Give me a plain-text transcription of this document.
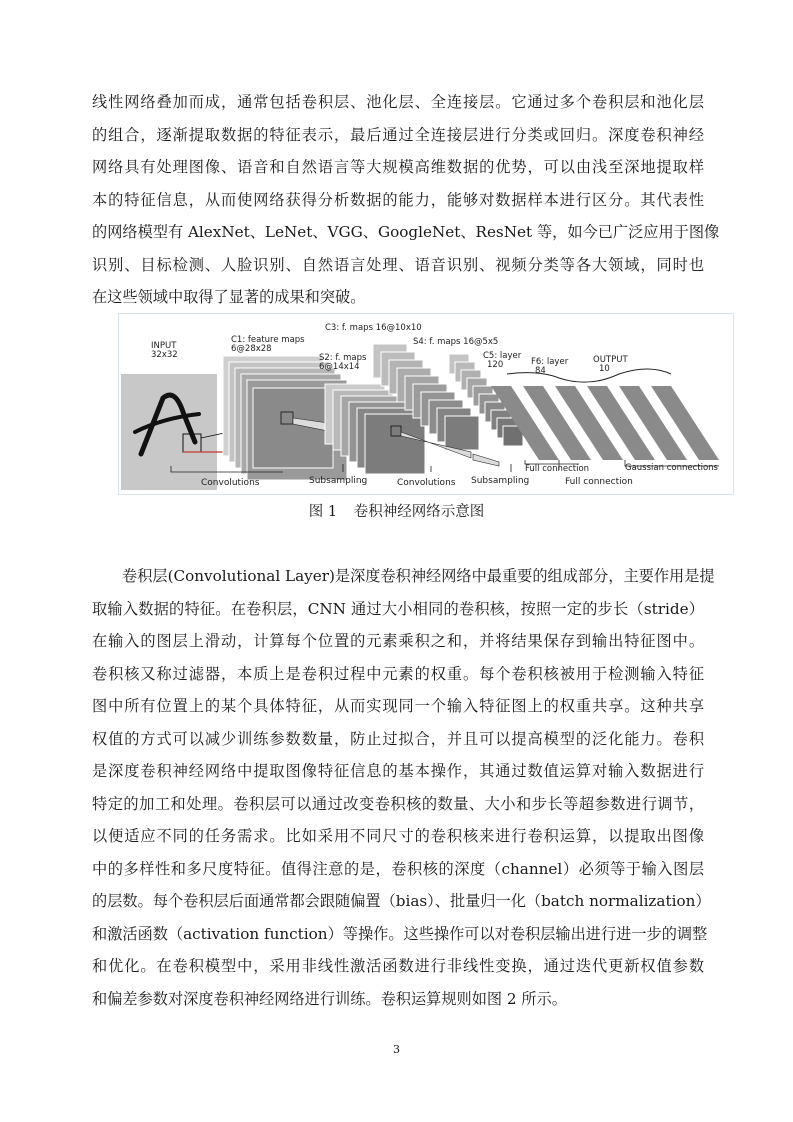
线性网络叠加而成，通常包括卷积层、池化层、全连接层。它通过多个卷积层和池化层
的组合，逐渐提取数据的特征表示，最后通过全连接层进行分类或回归。深度卷积神经
网络具有处理图像、语音和自然语言等大规模高维数据的优势，可以由浅至深地提取样
本的特征信息，从而使网络获得分析数据的能力，能够对数据样本进行区分。其代表性
的网络模型有 AlexNet、LeNet、VGG、GoogleNet、ResNet 等，如今已广泛应用于图像
识别、目标检测、人脸识别、自然语言处理、语音识别、视频分类等各大领域，同时也
在这些领域中取得了显著的成果和突破。
INPUT
32x32
C1: feature maps
6@28x28
C3: f. maps 16@10x10
S2: f. maps
6@14x14
S4: f. maps 16@5x5
C5: layer
120	F6: layer
84
OUTPUT
10
Convolutions	Subsampling	Convolutions Subsampling
Full connection
Full connection
Gaussian connections
图 1 卷积神经网络示意图
卷积层(Convolutional Layer)是深度卷积神经网络中最重要的组成部分，主要作用是提
取输入数据的特征。在卷积层，CNN 通过大小相同的卷积核，按照一定的步长（stride）
在输入的图层上滑动，计算每个位置的元素乘积之和，并将结果保存到输出特征图中。
卷积核又称过滤器，本质上是卷积过程中元素的权重。每个卷积核被用于检测输入特征
图中所有位置上的某个具体特征，从而实现同一个输入特征图上的权重共享。这种共享
权值的方式可以减少训练参数数量，防止过拟合，并且可以提高模型的泛化能力。卷积
是深度卷积神经网络中提取图像特征信息的基本操作，其通过数值运算对输入数据进行
特定的加工和处理。卷积层可以通过改变卷积核的数量、大小和步长等超参数进行调节，
以便适应不同的任务需求。比如采用不同尺寸的卷积核来进行卷积运算，以提取出图像
中的多样性和多尺度特征。值得注意的是，卷积核的深度（channel）必须等于输入图层
的层数。每个卷积层后面通常都会跟随偏置（bias）、批量归一化（batch normalization）
和激活函数（activation function）等操作。这些操作可以对卷积层输出进行进一步的调整
和优化。在卷积模型中，采用非线性激活函数进行非线性变换，通过迭代更新权值参数
和偏差参数对深度卷积神经网络进行训练。卷积运算规则如图 2 所示。
3
